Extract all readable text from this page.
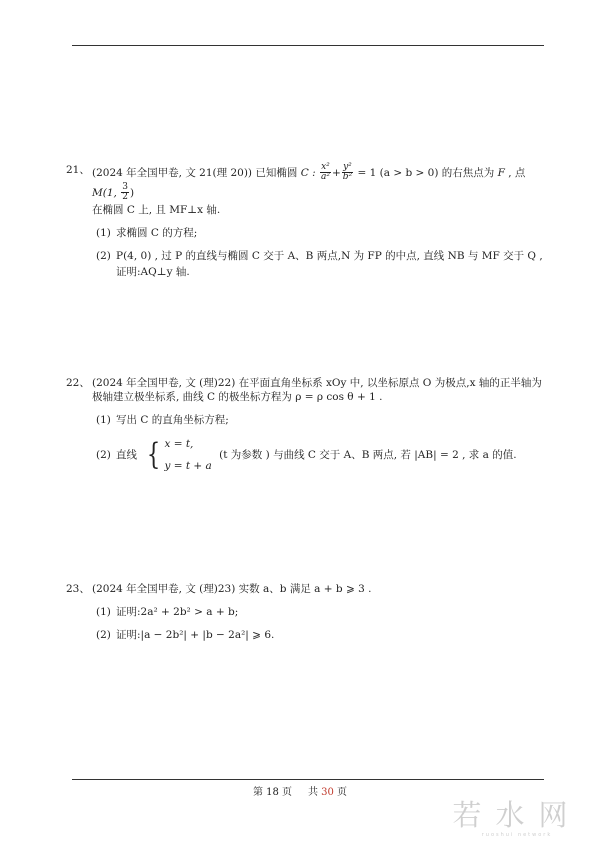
21、 (2024 年全国甲卷, 文 21(理 20)) 已知椭圆 C : $\frac{\text{x²}}{\text{a²}} + \frac{\text{y²}}{\text{b²}} = 1$ (a > b > 0) 的右焦点为 F , 点 M(1, $\frac{3}{2}$ )
在椭圆 C 上, 且 MF⊥x 轴.
(1) 求椭圆 C 的方程;
(2) P(4, 0) , 过 P 的直线与椭圆 C 交于 A、B 两点,N 为 FP 的中点, 直线 NB 与 MF 交于 Q ,
证明:AQ⊥y 轴.
22、 (2024 年全国甲卷, 文 (理)22) 在平面直角坐标系 xOy 中, 以坐标原点 O 为极点,x 轴的正半轴为
极轴建立极坐标系, 曲线 C 的极坐标方程为 ρ = ρ cos θ + 1 .
(1) 写出 C 的直角坐标方程;
(2) 直线 { x = t,
y = t + a
(t 为参数 ) 与曲线 C 交于 A、B 两点, 若 |AB| = 2 , 求 a 的值.
23、 (2024 年全国甲卷, 文 (理)23) 实数 a、b 满足 a + b ⩾ 3 .
(1) 证明:2a² + 2b² > a + b;
(2) 证明:|a − 2b²| + |b − 2a²| ⩾ 6.
第 18 页 共 30 页
若水网
ruoshui network
